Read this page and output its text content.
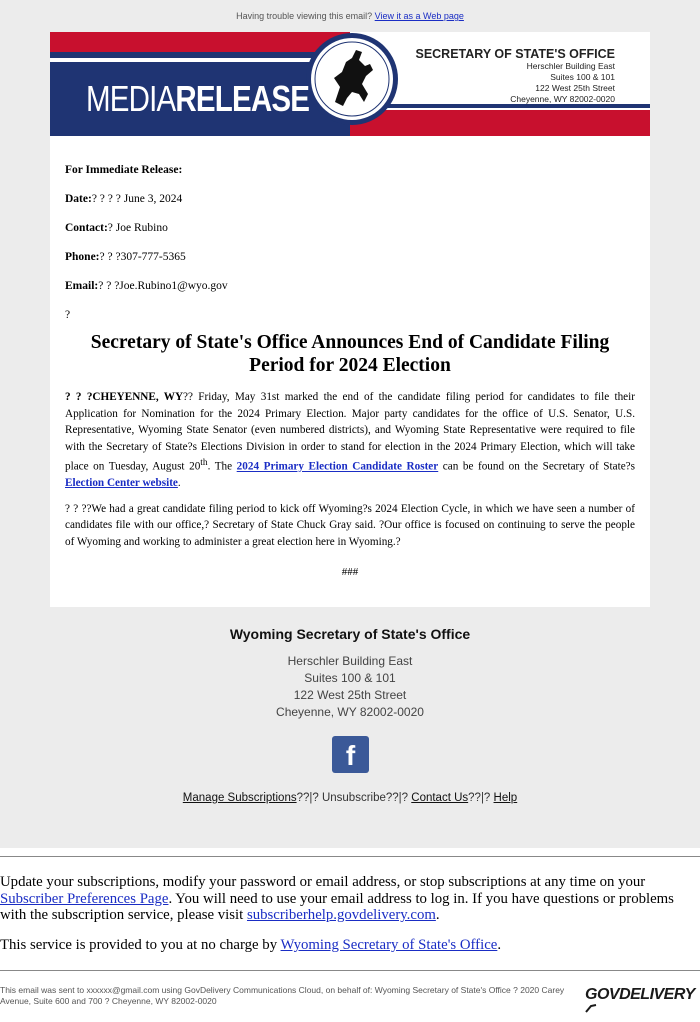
Having trouble viewing this email? View it as a Web page
MEDIARELEASE
SECRETARY OF STATE'S OFFICE
Herschler Building East
Suites 100 & 101
122 West 25th Street
Cheyenne, WY 82002-0020
For Immediate Release:
Date:? ? ? ? June 3, 2024
Contact:? Joe Rubino
Phone:? ? ?307-777-5365
Email:? ? ?Joe.Rubino1@wyo.gov
?
Secretary of State's Office Announces End of Candidate Filing Period for 2024 Election

? ? ?CHEYENNE, WY?? Friday, May 31st marked the end of the candidate filing period for candidates to file their Application for Nomination for the 2024 Primary Election. Major party candidates for the office of U.S. Senator, U.S. Representative, Wyoming State Senator (even numbered districts), and Wyoming State Representative were required to file with the Secretary of State?s Elections Division in order to stand for election in the 2024 Primary Election, which will take place on Tuesday, August 20th. The 2024 Primary Election Candidate Roster can be found on the Secretary of State?s Election Center website.

? ? ??We had a great candidate filing period to kick off Wyoming?s 2024 Election Cycle, in which we have seen a number of candidates file with our office,? Secretary of State Chuck Gray said. ?Our office is focused on continuing to serve the people of Wyoming and working to administer a great election here in Wyoming.?

###
Wyoming Secretary of State's Office
Herschler Building East
Suites 100 & 101
122 West 25th Street
Cheyenne, WY 82002-0020
f
Manage Subscriptions??|? Unsubscribe??|? Contact Us??|? Help
Update your subscriptions, modify your password or email address, or stop subscriptions at any time on your Subscriber Preferences Page. You will need to use your email address to log in. If you have questions or problems with the subscription service, please visit subscriberhelp.govdelivery.com.
This service is provided to you at no charge by Wyoming Secretary of State's Office.
This email was sent to xxxxxx@gmail.com using GovDelivery Communications Cloud, on behalf of: Wyoming Secretary of State's Office ? 2020 Carey Avenue, Suite 600 and 700 ? Cheyenne, WY 82002-0020	GOVDELIVERY
